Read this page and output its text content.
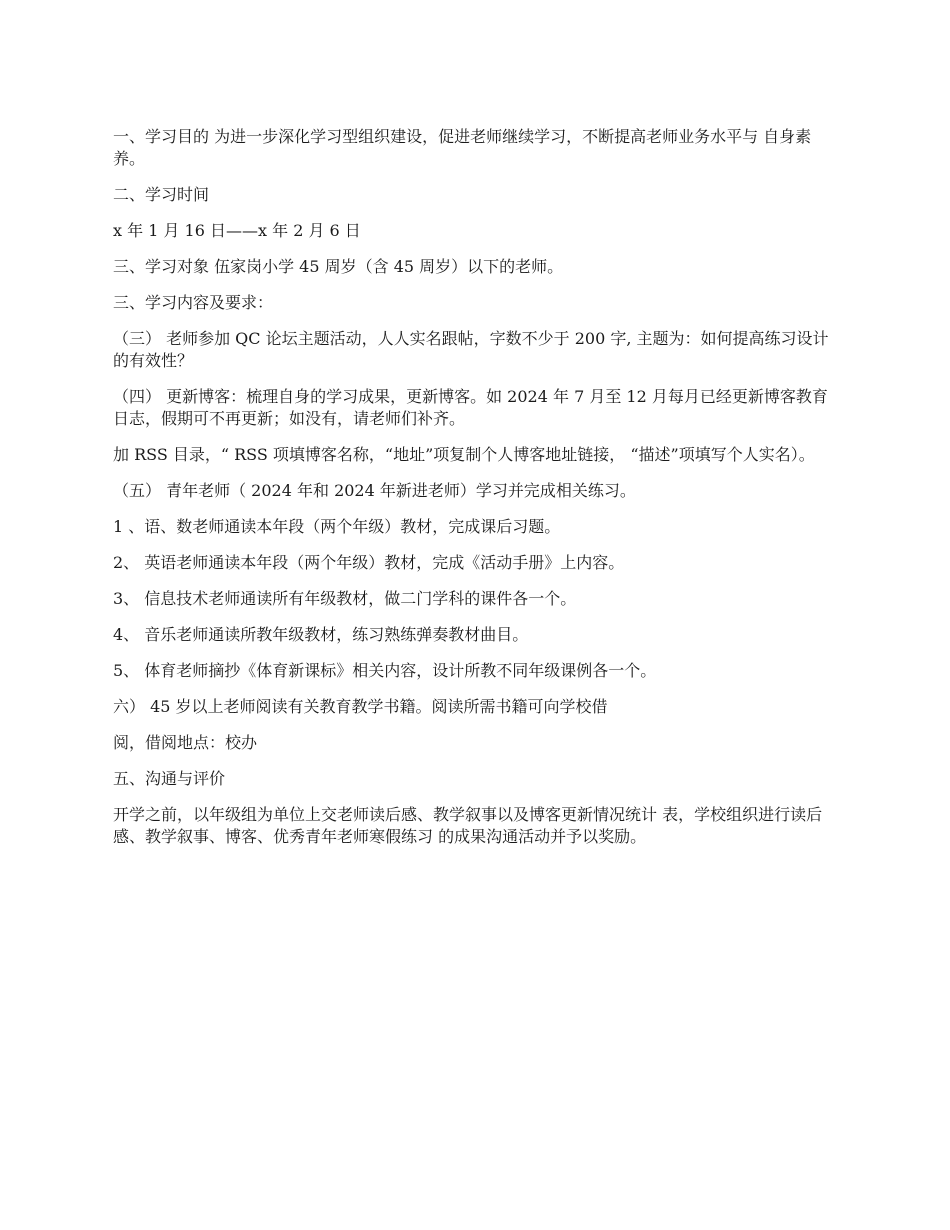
一、学习目的 为进一步深化学习型组织建设，促进老师继续学习，不断提高老师业务水平与 自身素养。

二、学习时间

x 年 1 月 16 日——x 年 2 月 6 日

三、学习对象 伍家岗小学 45 周岁（含 45 周岁）以下的老师。

三、学习内容及要求：

（三） 老师参加 QC 论坛主题活动，人人实名跟帖，字数不少于 200 字, 主题为：如何提高练习设计的有效性？

（四） 更新博客：梳理自身的学习成果，更新博客。如 2024 年 7 月至 12 月每月已经更新博客教育日志，假期可不再更新；如没有，请老师们补齐。

加 RSS 目录，“ RSS 项填博客名称，“地址”项复制个人博客地址链接， “描述”项填写个人实名）。

（五） 青年老师（ 2024 年和 2024 年新进老师）学习并完成相关练习。

1 、语、数老师通读本年段（两个年级）教材，完成课后习题。

2、 英语老师通读本年段（两个年级）教材，完成《活动手册》上内容。

3、 信息技术老师通读所有年级教材，做二门学科的课件各一个。

4、 音乐老师通读所教年级教材，练习熟练弹奏教材曲目。

5、 体育老师摘抄《体育新课标》相关内容，设计所教不同年级课例各一个。

六） 45 岁以上老师阅读有关教育教学书籍。阅读所需书籍可向学校借

阅，借阅地点：校办

五、沟通与评价

开学之前，以年级组为单位上交老师读后感、教学叙事以及博客更新情况统计 表，学校组织进行读后感、教学叙事、博客、优秀青年老师寒假练习 的成果沟通活动并予以奖励。
